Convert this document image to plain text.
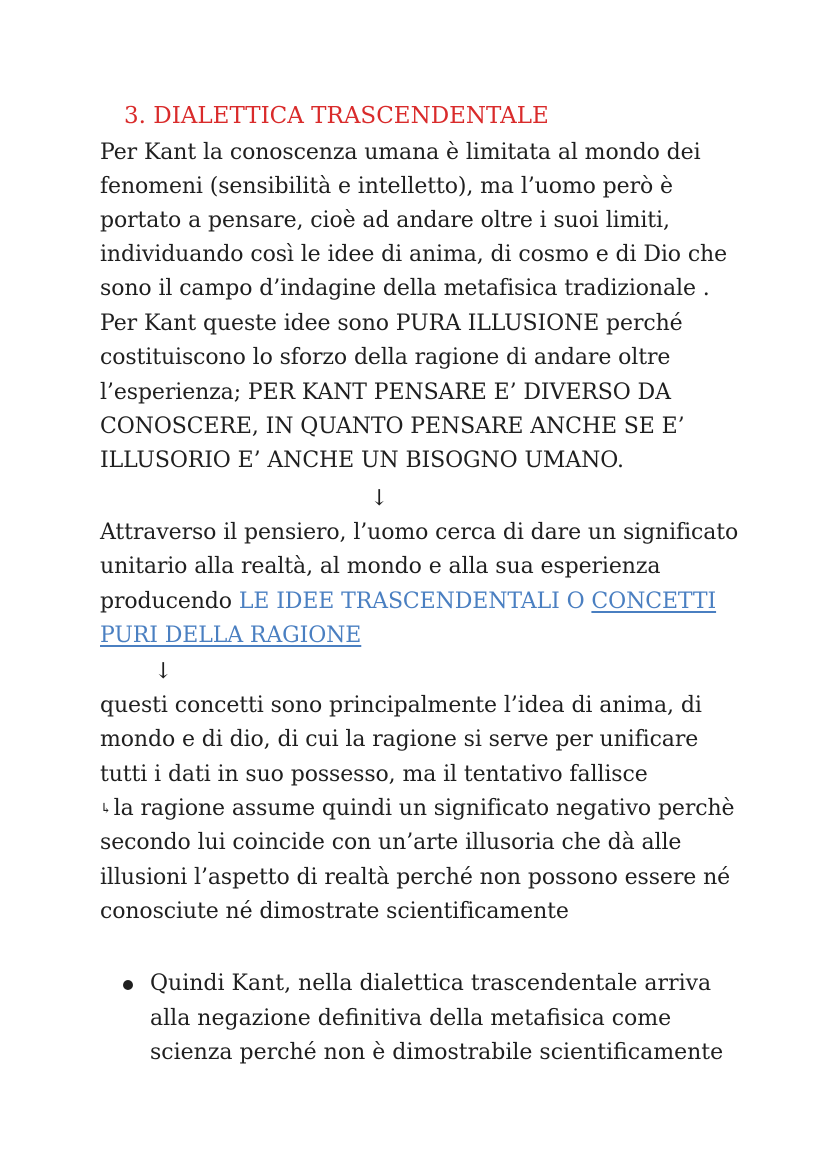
3. DIALETTICA TRASCENDENTALE
Per Kant la conoscenza umana è limitata al mondo dei
fenomeni (sensibilità e intelletto), ma l’uomo però è
portato a pensare, cioè ad andare oltre i suoi limiti,
individuando così le idee di anima, di cosmo e di Dio che
sono il campo d’indagine della metafisica tradizionale .
Per Kant queste idee sono PURA ILLUSIONE perché
costituiscono lo sforzo della ragione di andare oltre
l’esperienza; PER KANT PENSARE E’ DIVERSO DA
CONOSCERE, IN QUANTO PENSARE ANCHE SE E’
ILLUSORIO E’ ANCHE UN BISOGNO UMANO.
↓
Attraverso il pensiero, l’uomo cerca di dare un significato
unitario alla realtà, al mondo e alla sua esperienza
producendo LE IDEE TRASCENDENTALI O CONCETTI
PURI DELLA RAGIONE
↓
questi concetti sono principalmente l’idea di anima, di
mondo e di dio, di cui la ragione si serve per unificare
tutti i dati in suo possesso, ma il tentativo fallisce
↳la ragione assume quindi un significato negativo perchè
secondo lui coincide con un’arte illusoria che dà alle
illusioni l’aspetto di realtà perché non possono essere né
conosciute né dimostrate scientificamente
Quindi Kant, nella dialettica trascendentale arriva
alla negazione definitiva della metafisica come
scienza perché non è dimostrabile scientificamente
